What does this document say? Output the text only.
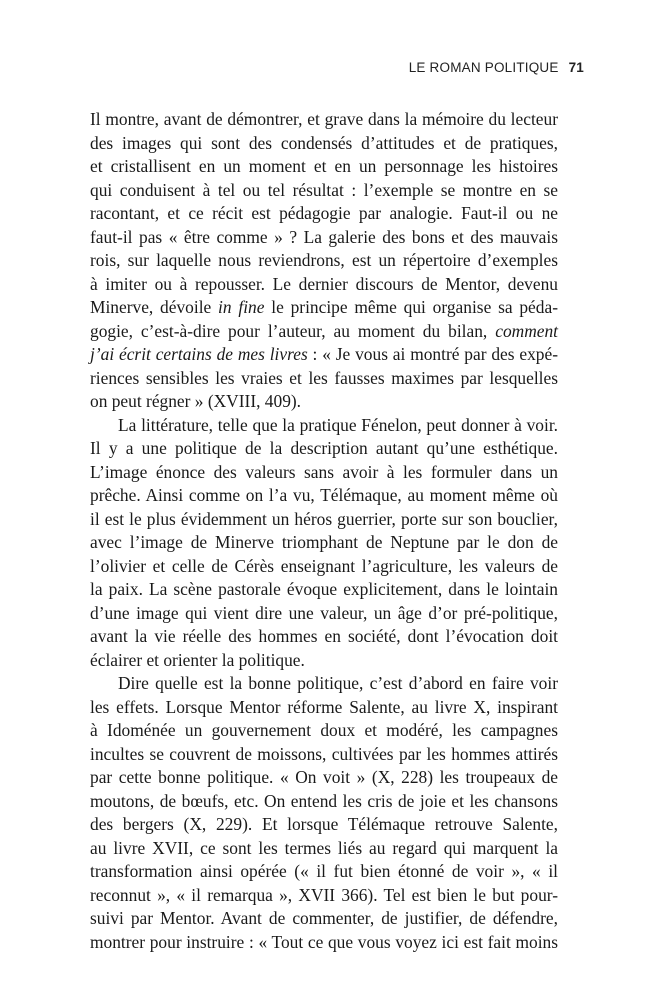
LE ROMAN POLITIQUE 71
Il montre, avant de démontrer, et grave dans la mémoire du lecteur
des images qui sont des condensés d’attitudes et de pratiques,
et cristallisent en un moment et en un personnage les histoires
qui conduisent à tel ou tel résultat : l’exemple se montre en se
racontant, et ce récit est pédagogie par analogie. Faut-il ou ne
faut-il pas « être comme » ? La galerie des bons et des mauvais
rois, sur laquelle nous reviendrons, est un répertoire d’exemples
à imiter ou à repousser. Le dernier discours de Mentor, devenu
Minerve, dévoile in fine le principe même qui organise sa péda-
gogie, c’est-à-dire pour l’auteur, au moment du bilan, comment
j’ai écrit certains de mes livres : « Je vous ai montré par des expé-
riences sensibles les vraies et les fausses maximes par lesquelles
on peut régner » (XVIII, 409).
La littérature, telle que la pratique Fénelon, peut donner à voir.
Il y a une politique de la description autant qu’une esthétique.
L’image énonce des valeurs sans avoir à les formuler dans un
prêche. Ainsi comme on l’a vu, Télémaque, au moment même où
il est le plus évidemment un héros guerrier, porte sur son bouclier,
avec l’image de Minerve triomphant de Neptune par le don de
l’olivier et celle de Cérès enseignant l’agriculture, les valeurs de
la paix. La scène pastorale évoque explicitement, dans le lointain
d’une image qui vient dire une valeur, un âge d’or pré-politique,
avant la vie réelle des hommes en société, dont l’évocation doit
éclairer et orienter la politique.
Dire quelle est la bonne politique, c’est d’abord en faire voir
les effets. Lorsque Mentor réforme Salente, au livre X, inspirant
à Idoménée un gouvernement doux et modéré, les campagnes
incultes se couvrent de moissons, cultivées par les hommes attirés
par cette bonne politique. « On voit » (X, 228) les troupeaux de
moutons, de bœufs, etc. On entend les cris de joie et les chansons
des bergers (X, 229). Et lorsque Télémaque retrouve Salente,
au livre XVII, ce sont les termes liés au regard qui marquent la
transformation ainsi opérée (« il fut bien étonné de voir », « il
reconnut », « il remarqua », XVII 366). Tel est bien le but pour-
suivi par Mentor. Avant de commenter, de justifier, de défendre,
montrer pour instruire : « Tout ce que vous voyez ici est fait moins
